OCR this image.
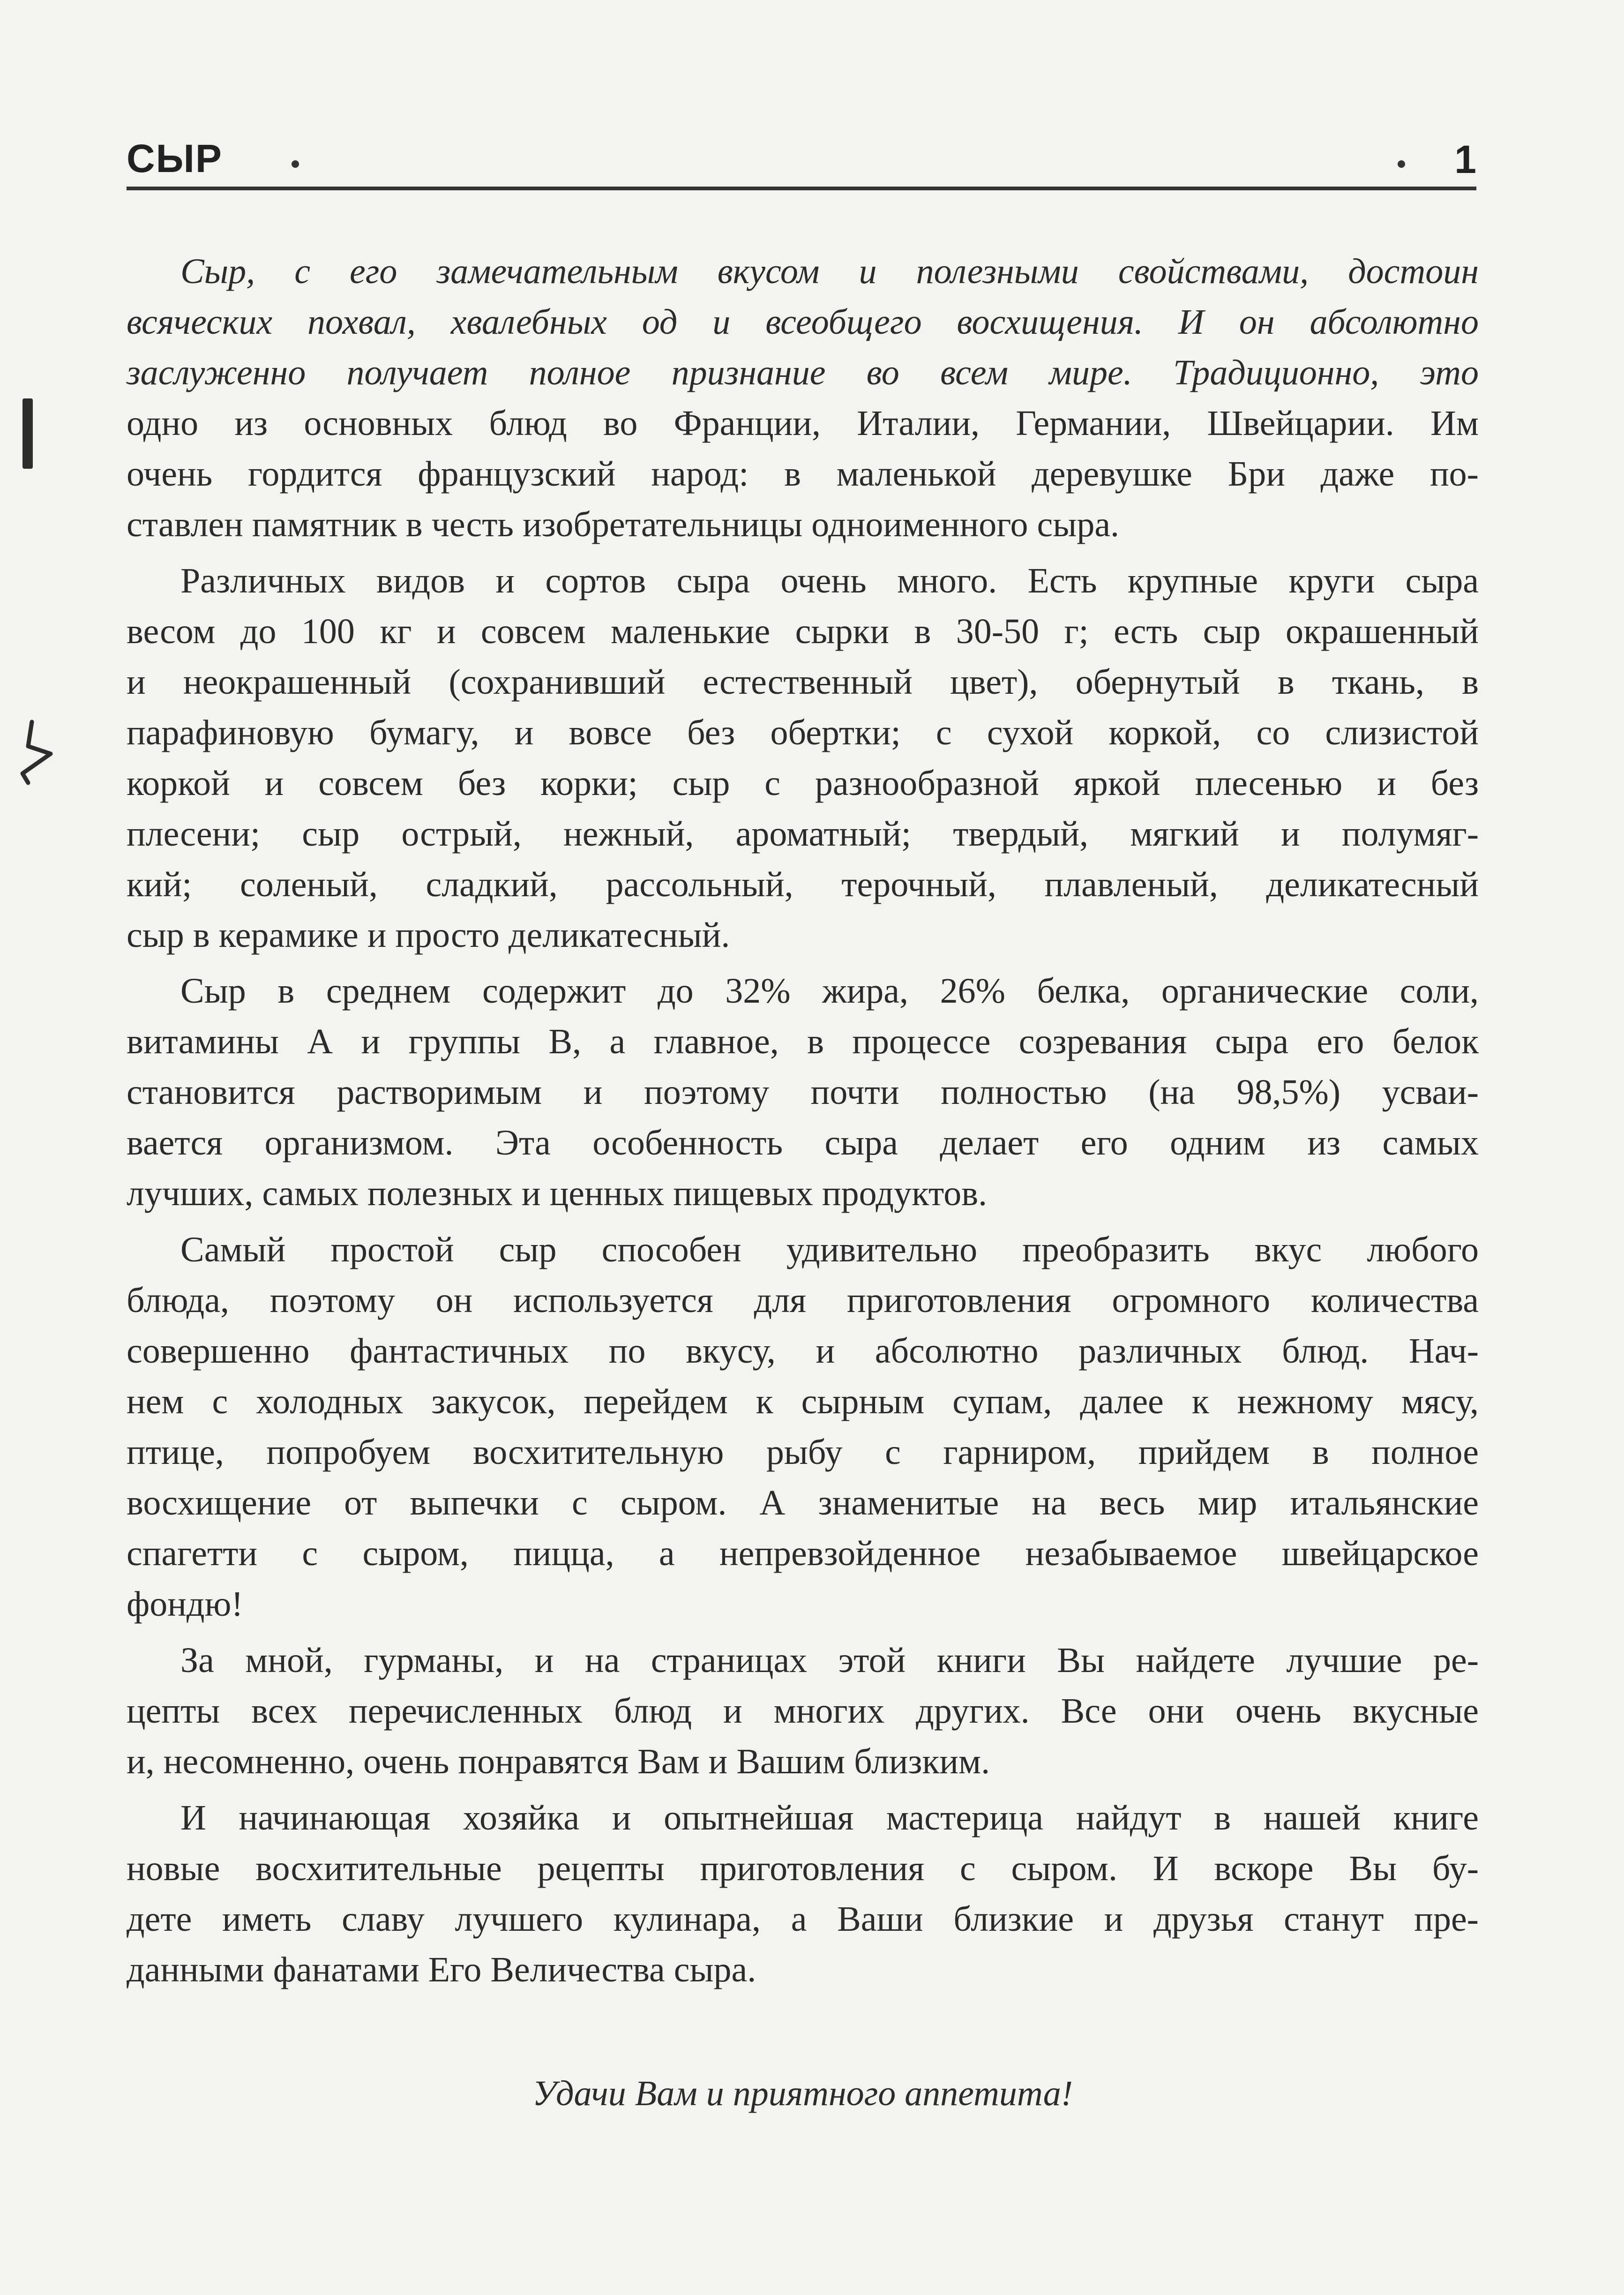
СЫР	1
Сыр, с его замечательным вкусом и полезными свойствами, достоин
всяческих похвал, хвалебных од и всеобщего восхищения. И он абсолютно
заслуженно получает полное признание во всем мире. Традиционно, это
одно из основных блюд во Франции, Италии, Германии, Швейцарии. Им
очень гордится французский народ: в маленькой деревушке Бри даже по-
ставлен памятник в честь изобретательницы одноименного сыра.
Различных видов и сортов сыра очень много. Есть крупные круги сыра
весом до 100 кг и совсем маленькие сырки в 30-50 г; есть сыр окрашенный
и неокрашенный (сохранивший естественный цвет), обернутый в ткань, в
парафиновую бумагу, и вовсе без обертки; с сухой коркой, со слизистой
коркой и совсем без корки; сыр с разнообразной яркой плесенью и без
плесени; сыр острый, нежный, ароматный; твердый, мягкий и полумяг-
кий; соленый, сладкий, рассольный, терочный, плавленый, деликатесный
сыр в керамике и просто деликатесный.
Сыр в среднем содержит до 32% жира, 26% белка, органические соли,
витамины А и группы В, а главное, в процессе созревания сыра его белок
становится растворимым и поэтому почти полностью (на 98,5%) усваи-
вается организмом. Эта особенность сыра делает его одним из самых
лучших, самых полезных и ценных пищевых продуктов.
Самый простой сыр способен удивительно преобразить вкус любого
блюда, поэтому он используется для приготовления огромного количества
совершенно фантастичных по вкусу, и абсолютно различных блюд. Нач-
нем с холодных закусок, перейдем к сырным супам, далее к нежному мясу,
птице, попробуем восхитительную рыбу с гарниром, прийдем в полное
восхищение от выпечки с сыром. А знаменитые на весь мир итальянские
спагетти с сыром, пицца, а непревзойденное незабываемое швейцарское
фондю!
За мной, гурманы, и на страницах этой книги Вы найдете лучшие ре-
цепты всех перечисленных блюд и многих других. Все они очень вкусные
и, несомненно, очень понравятся Вам и Вашим близким.
И начинающая хозяйка и опытнейшая мастерица найдут в нашей книге
новые восхитительные рецепты приготовления с сыром. И вскоре Вы бу-
дете иметь славу лучшего кулинара, а Ваши близкие и друзья станут пре-
данными фанатами Его Величества сыра.
Удачи Вам и приятного аппетита!
